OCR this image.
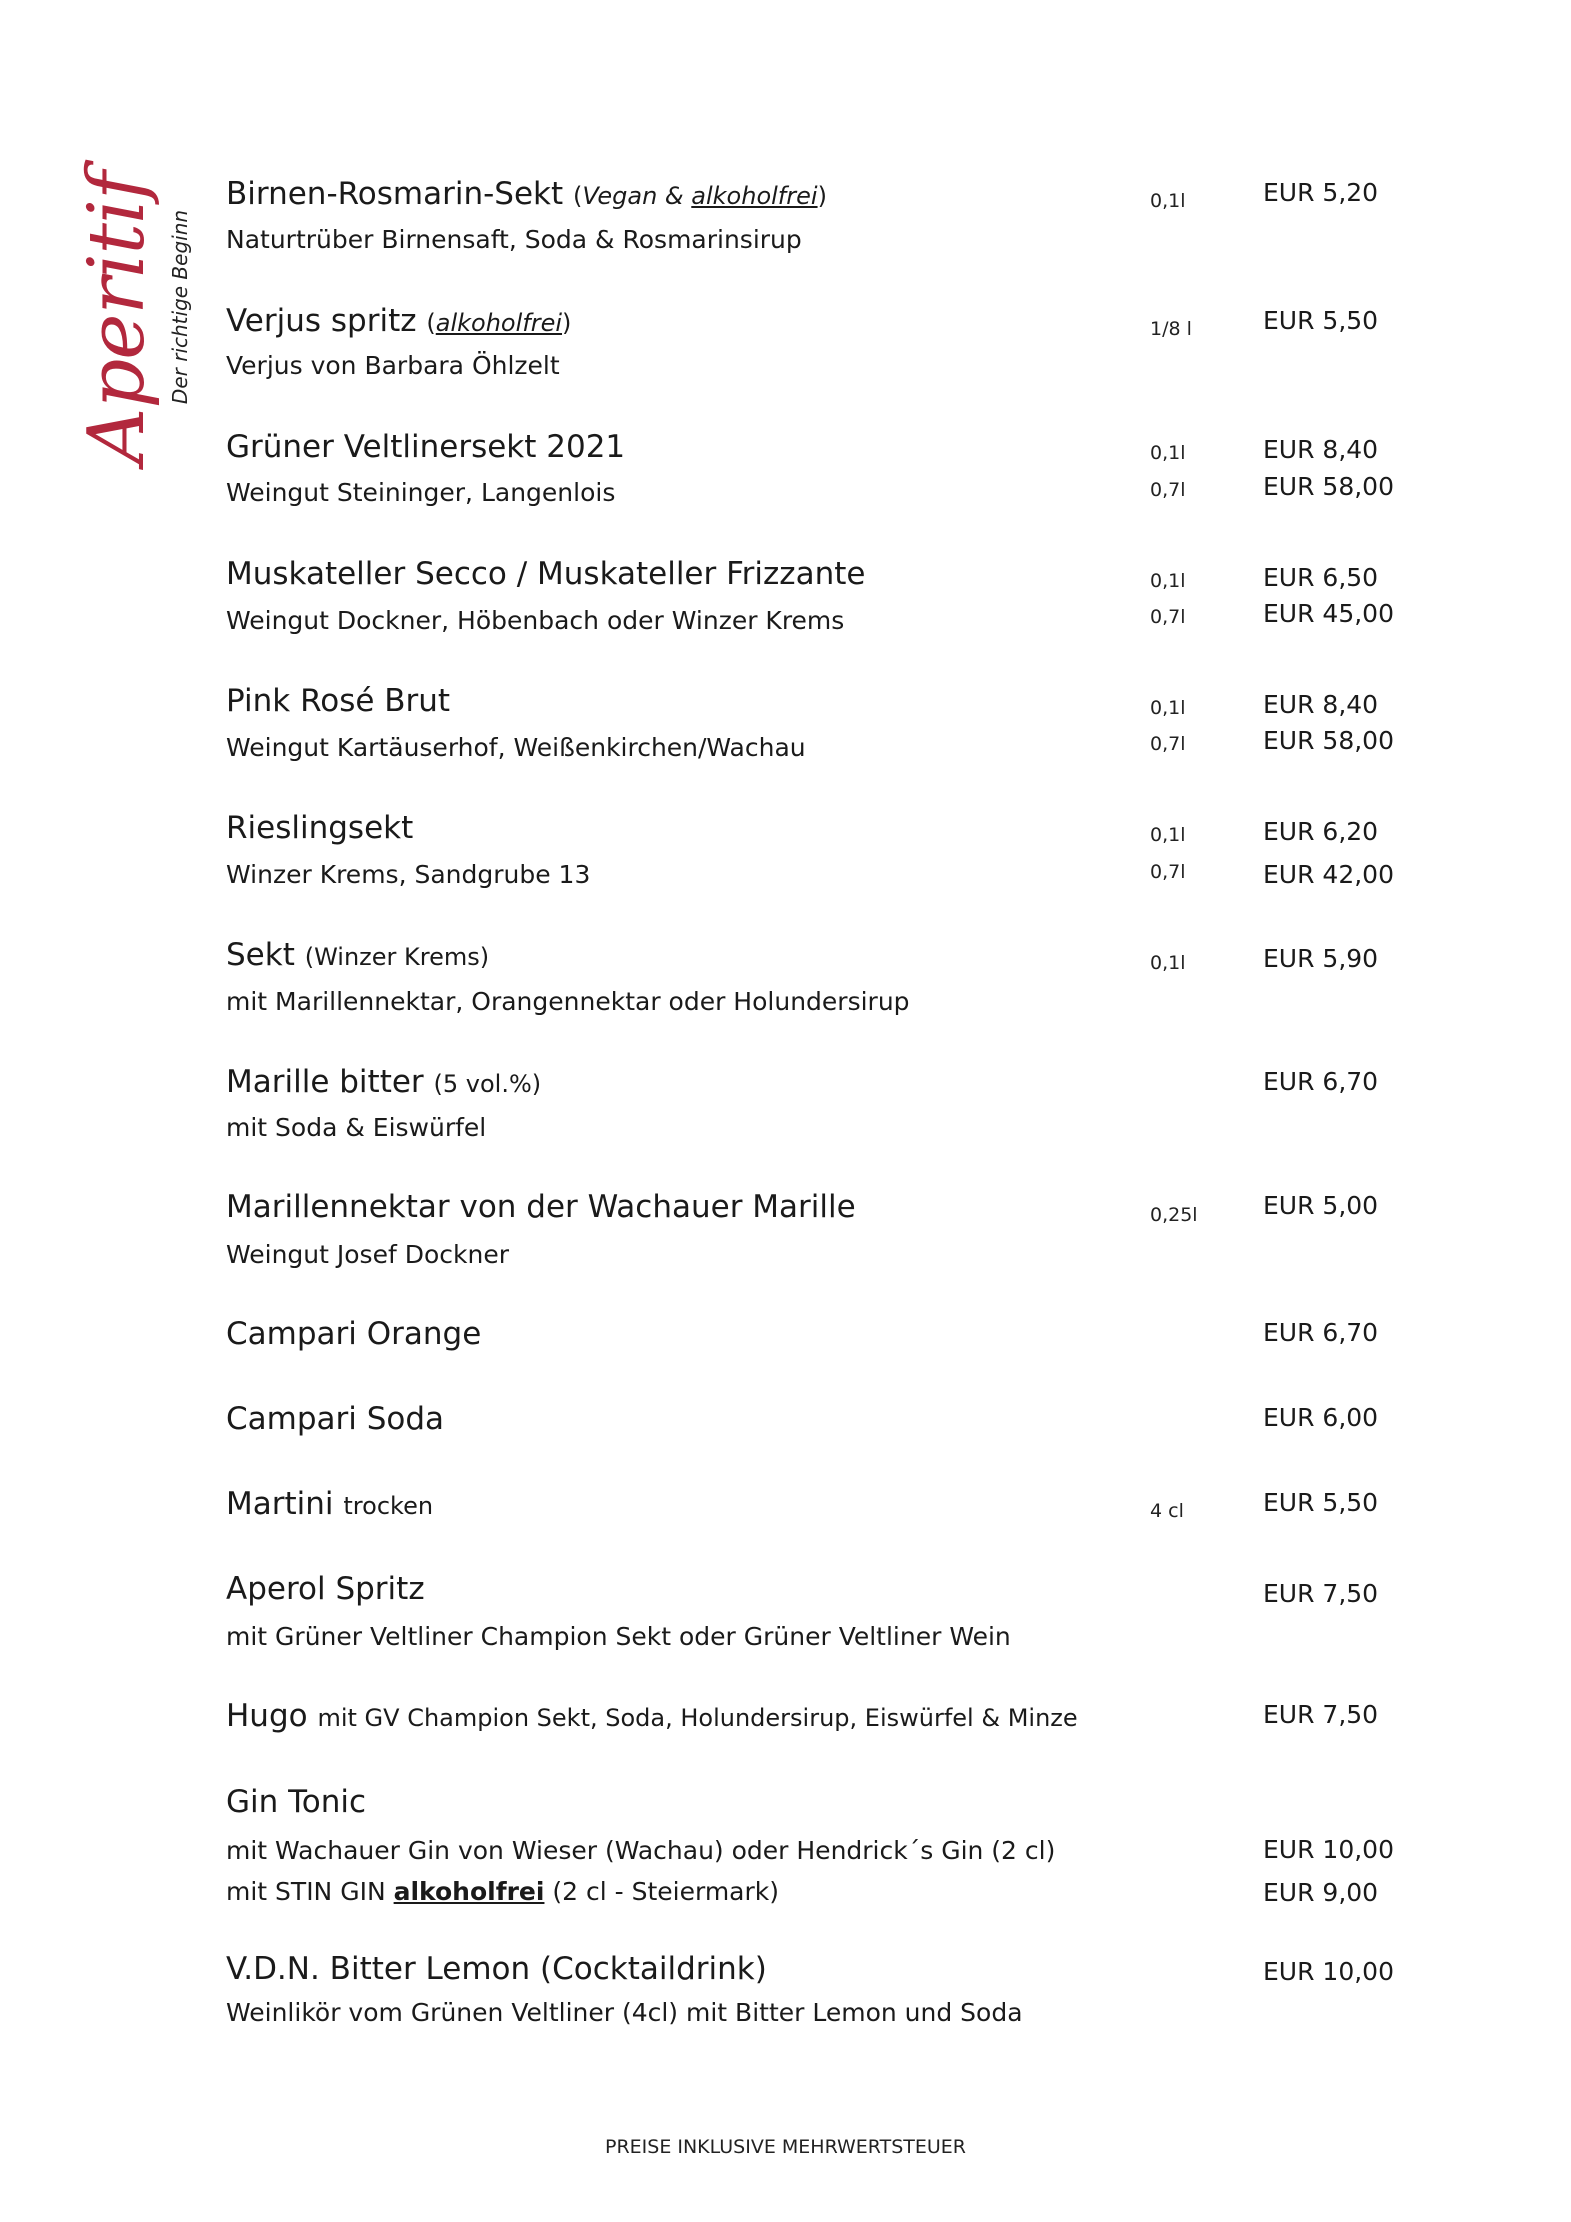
Aperitif Der richtige Beginn
Birnen-Rosmarin-Sekt (Vegan & alkoholfrei)
Naturtrüber Birnensaft, Soda & Rosmarinsirup
0,1l	EUR 5,20
Verjus spritz (alkoholfrei)
Verjus von Barbara Öhlzelt
1/8 l	EUR 5,50
Grüner Veltlinersekt 2021
Weingut Steininger, Langenlois
0,1l	EUR 8,40
0,7l	EUR 58,00
Muskateller Secco / Muskateller Frizzante
Weingut Dockner, Höbenbach oder Winzer Krems
0,1l	EUR 6,50
0,7l	EUR 45,00
Pink Rosé Brut
Weingut Kartäuserhof, Weißenkirchen/Wachau
0,1l	EUR 8,40
0,7l	EUR 58,00
Rieslingsekt
Winzer Krems, Sandgrube 13
0,1l	EUR 6,20
0,7l	EUR 42,00
Sekt (Winzer Krems)
mit Marillennektar, Orangennektar oder Holundersirup
0,1l	EUR 5,90
Marille bitter (5 vol.%)
mit Soda & Eiswürfel
EUR 6,70
Marillennektar von der Wachauer Marille
Weingut Josef Dockner
0,25l	EUR 5,00
Campari Orange	EUR 6,70
Campari Soda	EUR 6,00
Martini trocken	4 cl	EUR 5,50
Aperol Spritz
mit Grüner Veltliner Champion Sekt oder Grüner Veltliner Wein
EUR 7,50
Hugo mit GV Champion Sekt, Soda, Holundersirup, Eiswürfel & Minze	EUR 7,50
Gin Tonic
mit Wachauer Gin von Wieser (Wachau) oder Hendrick´s Gin (2 cl)	EUR 10,00
mit STIN GIN alkoholfrei (2 cl - Steiermark)	EUR 9,00
V.D.N. Bitter Lemon (Cocktaildrink)
Weinlikör vom Grünen Veltliner (4cl) mit Bitter Lemon und Soda
EUR 10,00
PREISE INKLUSIVE MEHRWERTSTEUER
